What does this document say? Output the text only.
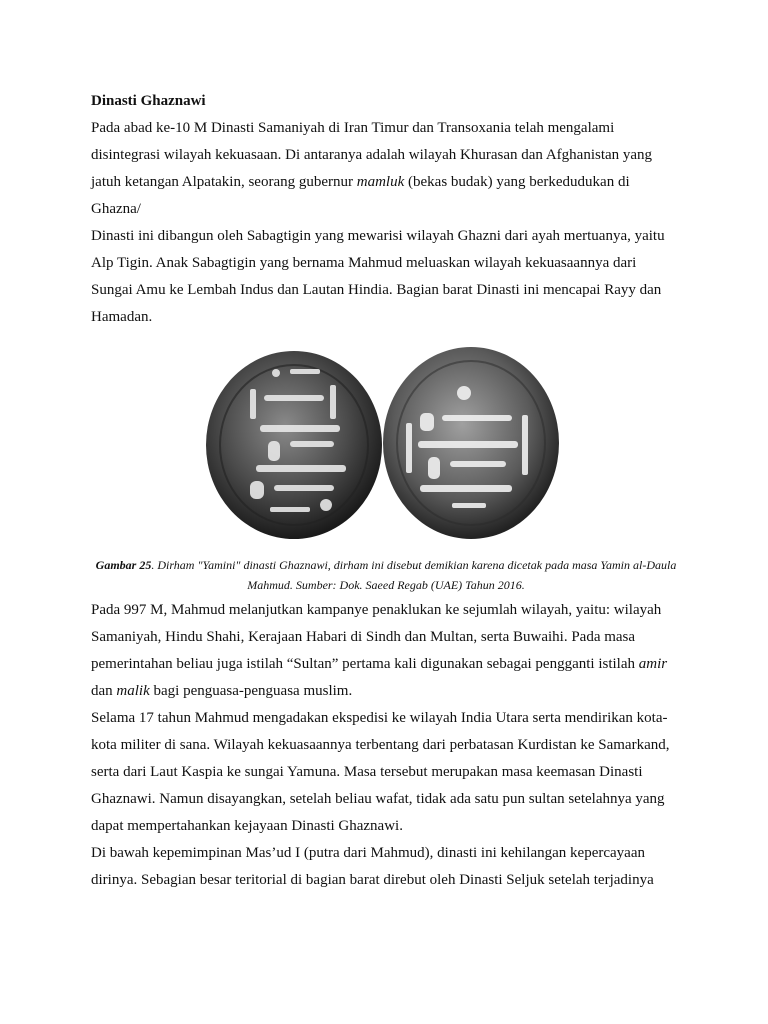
Dinasti Ghaznawi

Pada abad ke-10 M Dinasti Samaniyah di Iran Timur dan Transoxania telah mengalami disintegrasi wilayah kekuasaan. Di antaranya adalah wilayah Khurasan dan Afghanistan yang jatuh ketangan Alpatakin, seorang gubernur mamluk (bekas budak) yang berkedudukan di Ghazna/

Dinasti ini dibangun oleh Sabagtigin yang mewarisi wilayah Ghazni dari ayah mertuanya, yaitu Alp Tigin. Anak Sabagtigin yang bernama Mahmud meluaskan wilayah kekuasaannya dari Sungai Amu ke Lembah Indus dan Lautan Hindia. Bagian barat Dinasti ini mencapai Rayy dan Hamadan.

Gambar 25. Dirham "Yamini" dinasti Ghaznawi, dirham ini disebut demikian karena dicetak pada masa Yamin al-Daula Mahmud. Sumber: Dok. Saeed Regab (UAE) Tahun 2016.

Pada 997 M, Mahmud melanjutkan kampanye penaklukan ke sejumlah wilayah, yaitu: wilayah Samaniyah, Hindu Shahi, Kerajaan Habari di Sindh dan Multan, serta Buwaihi. Pada masa pemerintahan beliau juga istilah “Sultan” pertama kali digunakan sebagai pengganti istilah amir dan malik bagi penguasa-penguasa muslim.

Selama 17 tahun Mahmud mengadakan ekspedisi ke wilayah India Utara serta mendirikan kota-kota militer di sana. Wilayah kekuasaannya terbentang dari perbatasan Kurdistan ke Samarkand, serta dari Laut Kaspia ke sungai Yamuna. Masa tersebut merupakan masa keemasan Dinasti Ghaznawi. Namun disayangkan, setelah beliau wafat, tidak ada satu pun sultan setelahnya yang dapat mempertahankan kejayaan Dinasti Ghaznawi.

Di bawah kepemimpinan Mas’ud I (putra dari Mahmud), dinasti ini kehilangan kepercayaan dirinya. Sebagian besar teritorial di bagian barat direbut oleh Dinasti Seljuk setelah terjadinya
